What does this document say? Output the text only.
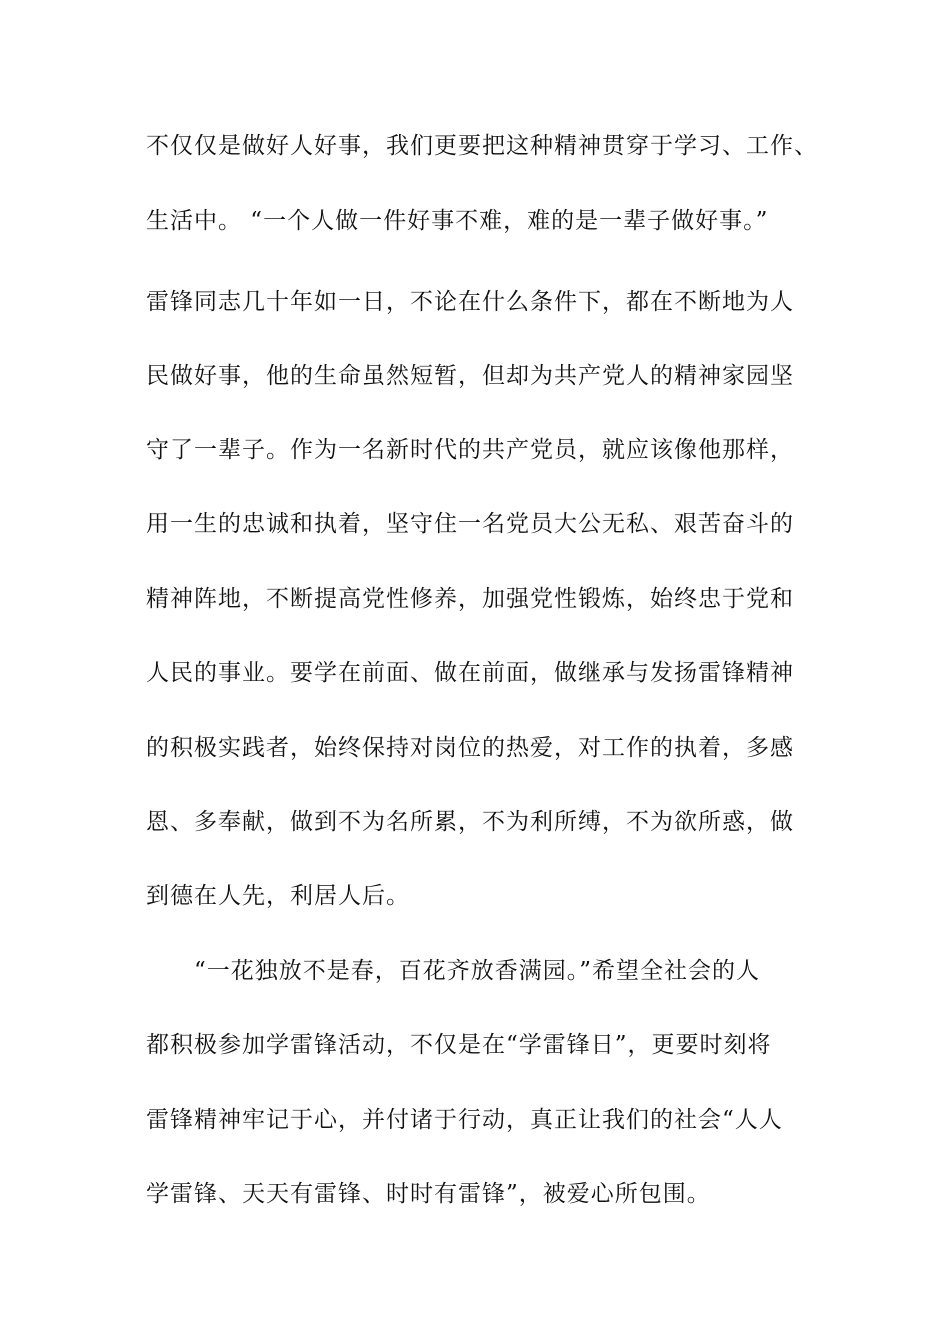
不仅仅是做好人好事，我们更要把这种精神贯穿于学习、工作、
生活中。 “一个人做一件好事不难，难的是一辈子做好事。”
雷锋同志几十年如一日，不论在什么条件下，都在不断地为人
民做好事，他的生命虽然短暂，但却为共产党人的精神家园坚
守了一辈子。作为一名新时代的共产党员，就应该像他那样，
用一生的忠诚和执着，坚守住一名党员大公无私、艰苦奋斗的
精神阵地，不断提高党性修养，加强党性锻炼，始终忠于党和
人民的事业。要学在前面、做在前面，做继承与发扬雷锋精神
的积极实践者，始终保持对岗位的热爱，对工作的执着，多感
恩、多奉献，做到不为名所累，不为利所缚，不为欲所惑，做
到德在人先，利居人后。
“一花独放不是春，百花齐放香满园。”希望全社会的人
都积极参加学雷锋活动，不仅是在“学雷锋日”，更要时刻将
雷锋精神牢记于心，并付诸于行动，真正让我们的社会“人人
学雷锋、天天有雷锋、时时有雷锋”，被爱心所包围。
